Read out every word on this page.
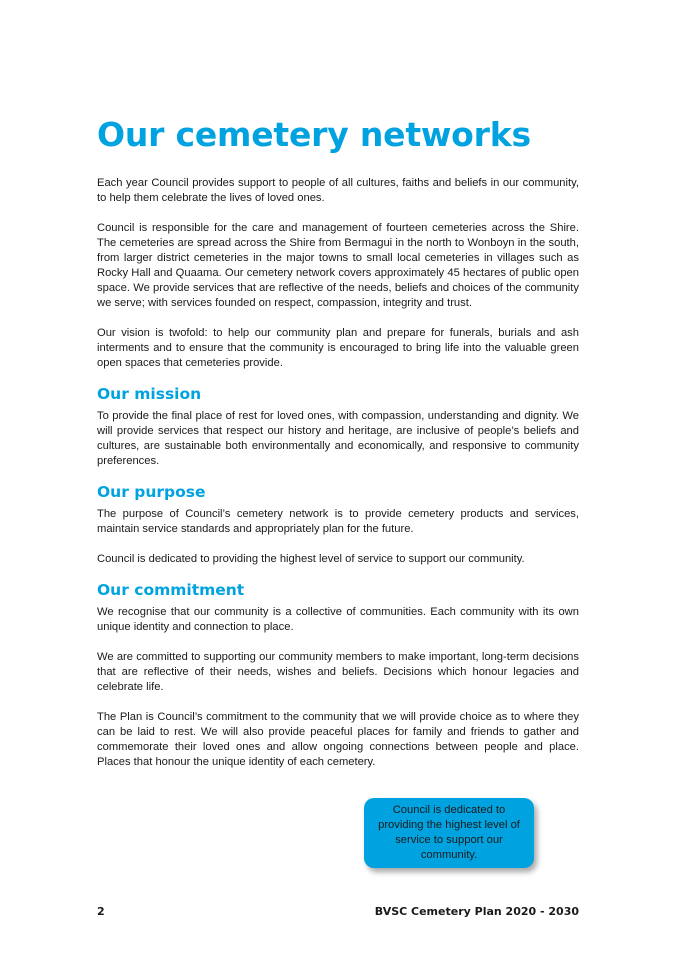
Our cemetery networks

Each year Council provides support to people of all cultures, faiths and beliefs in our community, to help them celebrate the lives of loved ones.

Council is responsible for the care and management of fourteen cemeteries across the Shire. The cemeteries are spread across the Shire from Bermagui in the north to Wonboyn in the south, from larger district cemeteries in the major towns to small local cemeteries in villages such as Rocky Hall and Quaama. Our cemetery network covers approximately 45 hectares of public open space. We provide services that are reflective of the needs, beliefs and choices of the community we serve; with services founded on respect, compassion, integrity and trust.

Our vision is twofold: to help our community plan and prepare for funerals, burials and ash interments and to ensure that the community is encouraged to bring life into the valuable green open spaces that cemeteries provide.

Our mission

To provide the final place of rest for loved ones, with compassion, understanding and dignity. We will provide services that respect our history and heritage, are inclusive of people’s beliefs and cultures, are sustainable both environmentally and economically, and responsive to community preferences.

Our purpose

The purpose of Council’s cemetery network is to provide cemetery products and services, maintain service standards and appropriately plan for the future.

Council is dedicated to providing the highest level of service to support our community.

Our commitment

We recognise that our community is a collective of communities. Each community with its own unique identity and connection to place.

We are committed to supporting our community members to make important, long-term decisions that are reflective of their needs, wishes and beliefs. Decisions which honour legacies and celebrate life.

The Plan is Council’s commitment to the community that we will provide choice as to where they can be laid to rest. We will also provide peaceful places for family and friends to gather and commemorate their loved ones and allow ongoing connections between people and place. Places that honour the unique identity of each cemetery.

Council is dedicated to providing the highest level of service to support our community.
2	BVSC Cemetery Plan 2020 - 2030
